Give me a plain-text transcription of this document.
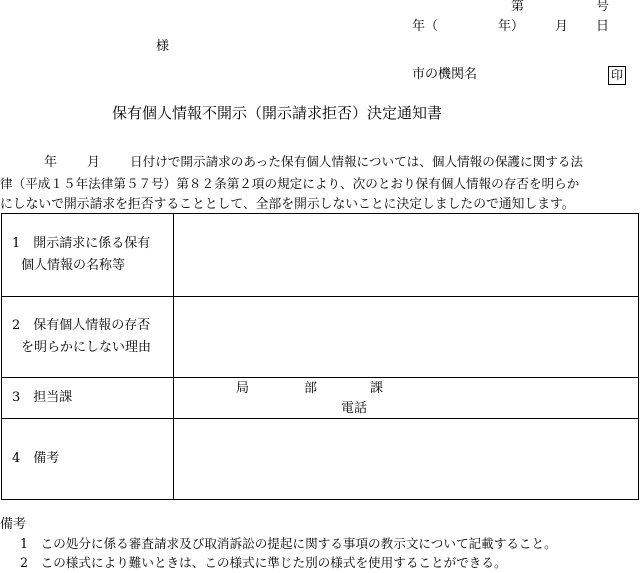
第	号
年（	年） 月 日
様
市の機関名	印
保有個人情報不開示（開示請求拒否）決定通知書
年 月 日付けで開示請求のあった保有個人情報については、個人情報の保護に関する法
律（平成１５年法律第５７号）第８２条第２項の規定により、次のとおり保有個人情報の存否を明らか
にしないで開示請求を拒否することとして、全部を開示しないことに決定しましたので通知します。
1　開示請求に係る保有
個人情報の名称等	

2　保有個人情報の存否
を明らかにしない理由	

3　担当課	局 部 課
電話

4　備考	
備考
1　この処分に係る審査請求及び取消訴訟の提起に関する事項の教示文について記載すること。
2　この様式により難いときは、この様式に準じた別の様式を使用することができる。
